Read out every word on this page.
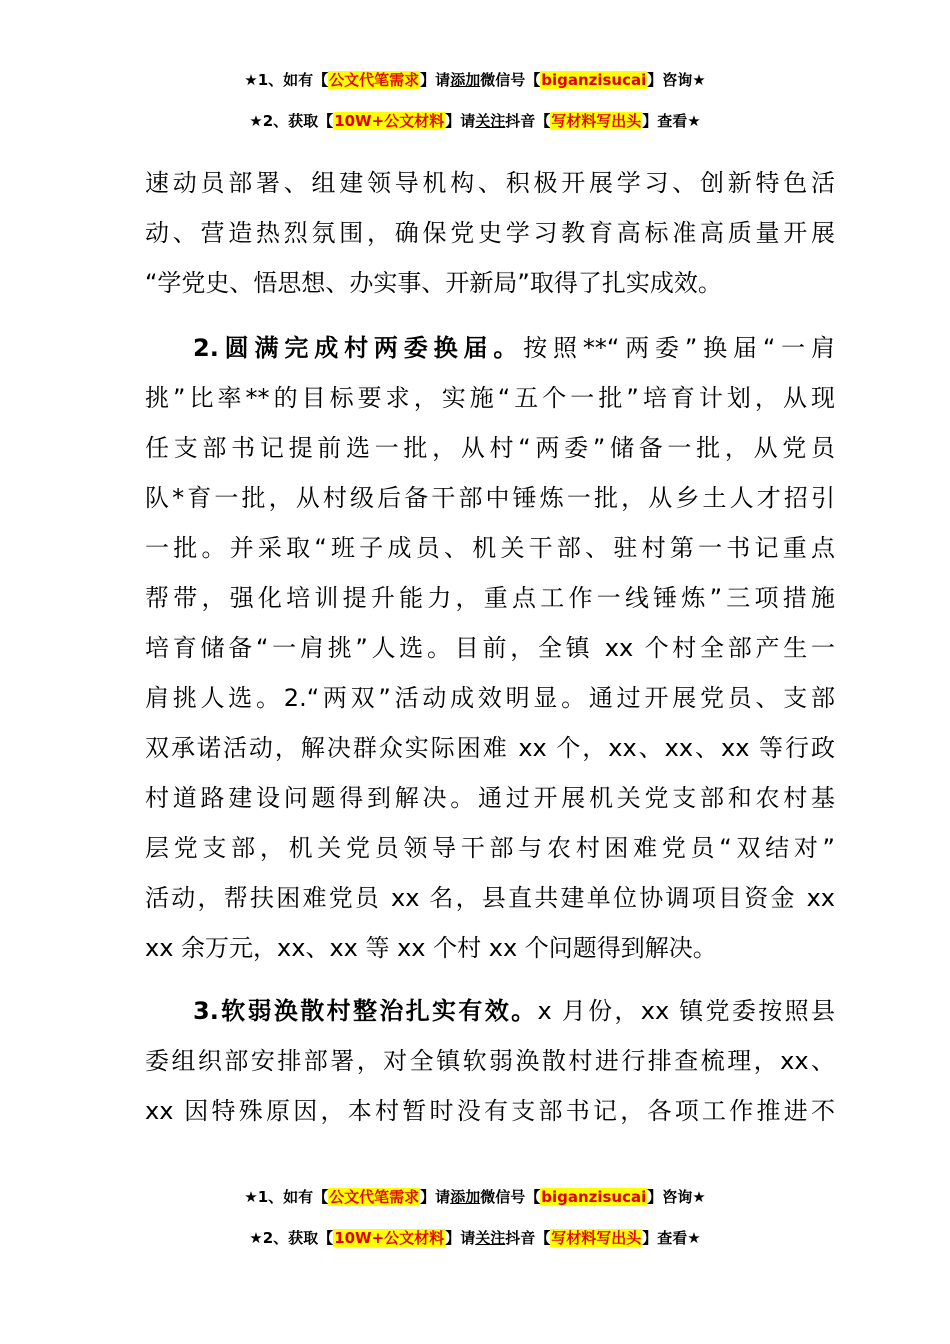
★1、如有【公文代笔需求】请添加微信号【biganzisucai】咨询★
★2、获取【10W+公文材料】请关注抖音【写材料写出头】查看★
速动员部署、组建领导机构、积极开展学习、创新特色活
动、营造热烈氛围，确保党史学习教育高标准高质量开展
“学党史、悟思想、办实事、开新局”取得了扎实成效。
2.圆满完成村两委换届。按照**“两委”换届“一肩
挑”比率**的目标要求，实施“五个一批”培育计划，从现
任支部书记提前选一批，从村“两委”储备一批，从党员
队*育一批，从村级后备干部中锤炼一批，从乡土人才招引
一批。并采取“班子成员、机关干部、驻村第一书记重点
帮带，强化培训提升能力，重点工作一线锤炼”三项措施
培育储备“一肩挑”人选。目前，全镇 xx 个村全部产生一
肩挑人选。2.“两双”活动成效明显。通过开展党员、支部
双承诺活动，解决群众实际困难 xx 个，xx、xx、xx 等行政
村道路建设问题得到解决。通过开展机关党支部和农村基
层党支部，机关党员领导干部与农村困难党员“双结对”
活动，帮扶困难党员 xx 名，县直共建单位协调项目资金 xx
xx 余万元，xx、xx 等 xx 个村 xx 个问题得到解决。
3.软弱涣散村整治扎实有效。x 月份，xx 镇党委按照县
委组织部安排部署，对全镇软弱涣散村进行排查梳理，xx、
xx 因特殊原因，本村暂时没有支部书记，各项工作推进不
★1、如有【公文代笔需求】请添加微信号【biganzisucai】咨询★
★2、获取【10W+公文材料】请关注抖音【写材料写出头】查看★
